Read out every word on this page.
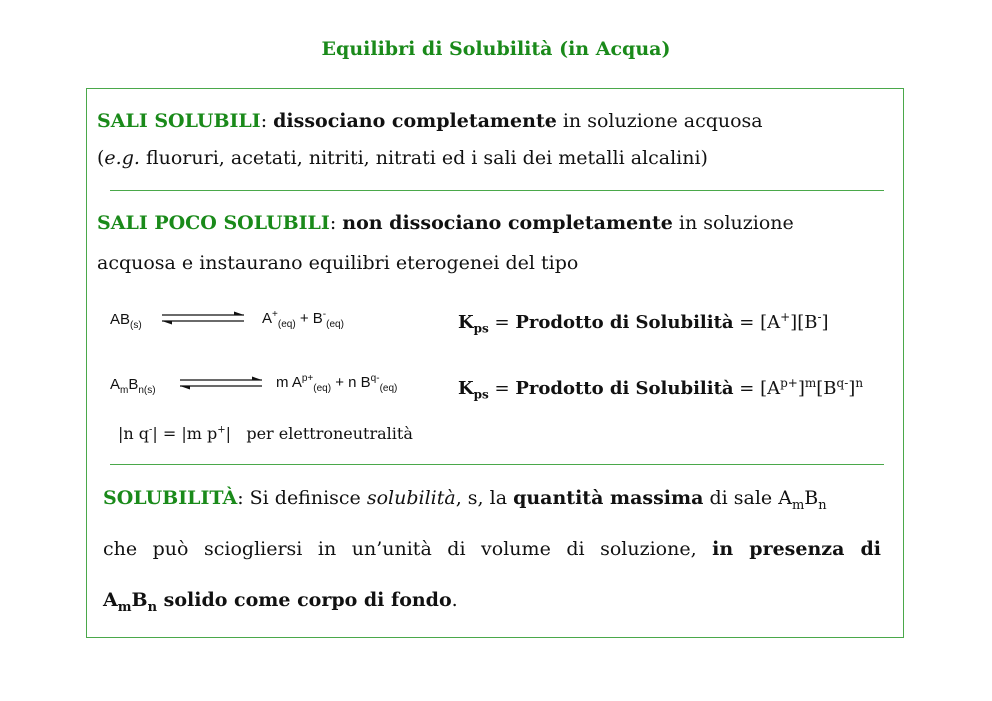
Equilibri di Solubilità (in Acqua)
SALI SOLUBILI: dissociano completamente in soluzione acquosa
(e.g. fluoruri, acetati, nitriti, nitrati ed i sali dei metalli alcalini)
SALI POCO SOLUBILI: non dissociano completamente in soluzione
acquosa e instaurano equilibri eterogenei del tipo
$AB_{(s)}$	$A^+_{(eq)} + B^-_{(eq)}$	$K_{ps}$ = Prodotto di Solubilità = [A+][B-]
$A_mB_{n(s)}$	m $A^{p+}_{(eq)} + n$ $B^{q-}_{(eq)}$	$K_{ps}$ = Prodotto di Solubilità = $[A^{p+}]^m[B^{q-}]^n$
|n q-| = |m p+| per elettroneutralità
SOLUBILITÀ: Si definisce solubilità, s, la quantità massima di sale $A_mB_n$
che può sciogliersi in un’unità di volume di soluzione, in presenza di
$A_mB_n$ solido come corpo di fondo.
